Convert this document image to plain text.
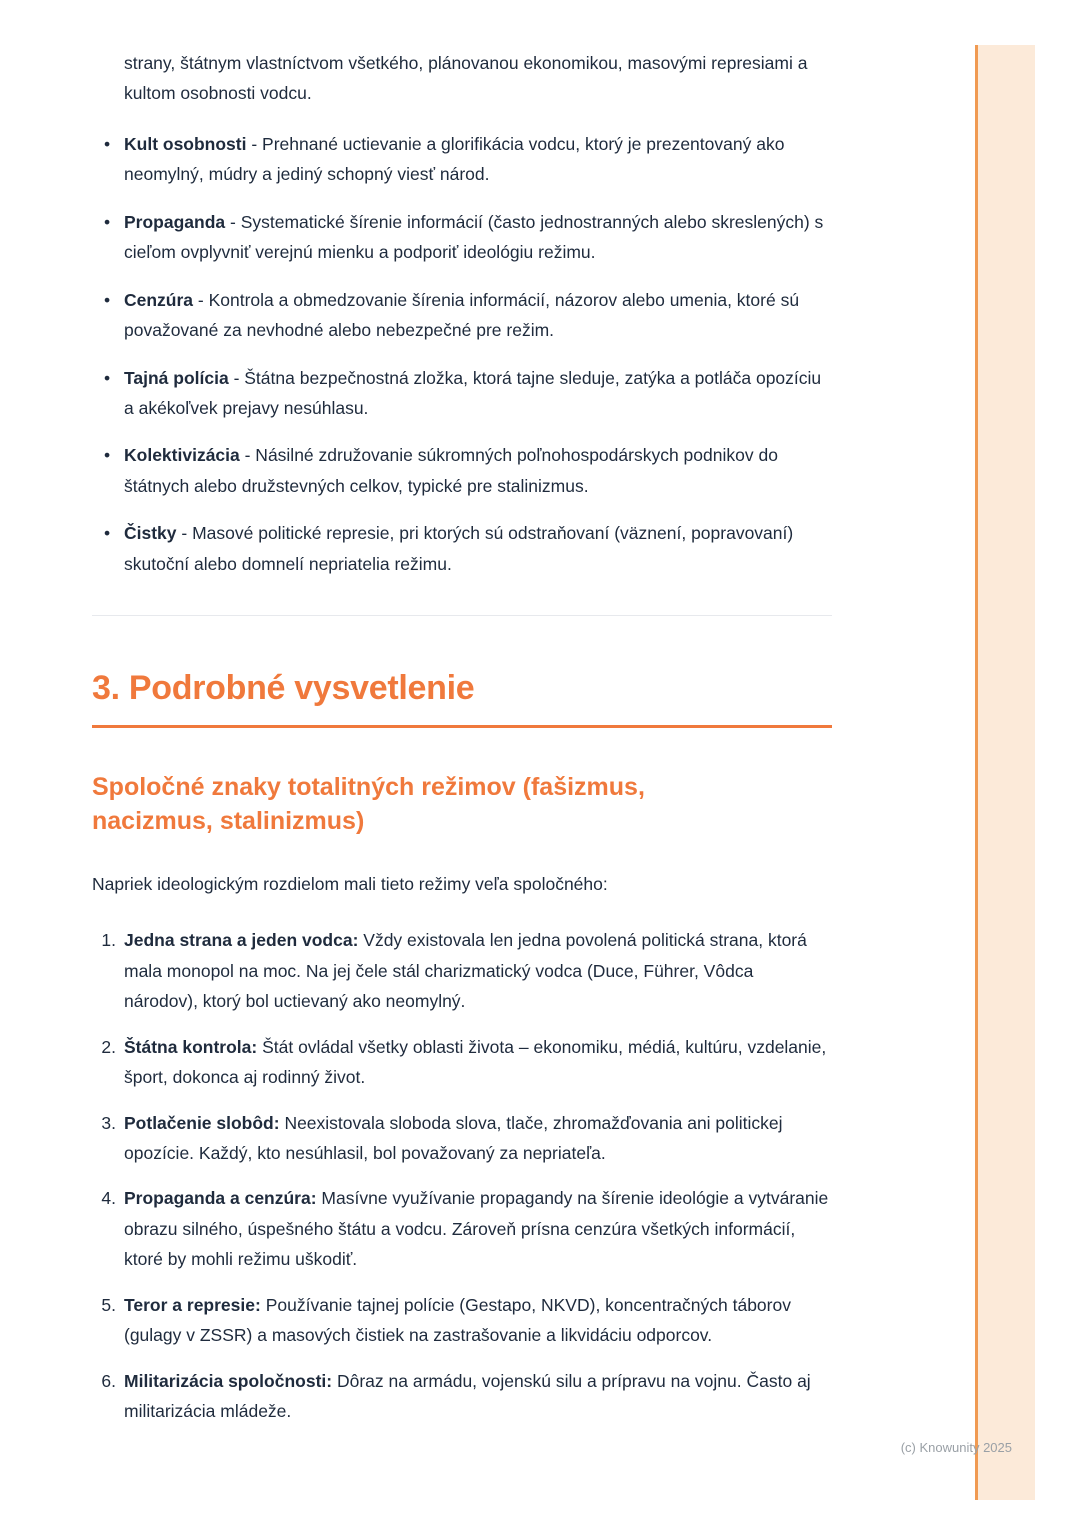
strany, štátnym vlastníctvom všetkého, plánovanou ekonomikou, masovými represiami a kultom osobnosti vodcu.

• Kult osobnosti - Prehnané uctievanie a glorifikácia vodcu, ktorý je prezentovaný ako neomylný, múdry a jediný schopný viesť národ.
• Propaganda - Systematické šírenie informácií (často jednostranných alebo skreslených) s cieľom ovplyvniť verejnú mienku a podporiť ideológiu režimu.
• Cenzúra - Kontrola a obmedzovanie šírenia informácií, názorov alebo umenia, ktoré sú považované za nevhodné alebo nebezpečné pre režim.
• Tajná polícia - Štátna bezpečnostná zložka, ktorá tajne sleduje, zatýka a potláča opozíciu a akékoľvek prejavy nesúhlasu.
• Kolektivizácia - Násilné združovanie súkromných poľnohospodárskych podnikov do štátnych alebo družstevných celkov, typické pre stalinizmus.
• Čistky - Masové politické represie, pri ktorých sú odstraňovaní (väznení, popravovaní) skutoční alebo domnelí nepriatelia režimu.
3. Podrobné vysvetlenie
Spoločné znaky totalitných režimov (fašizmus, nacizmus, stalinizmus)

Napriek ideologickým rozdielom mali tieto režimy veľa spoločného:

1. Jedna strana a jeden vodca: Vždy existovala len jedna povolená politická strana, ktorá mala monopol na moc. Na jej čele stál charizmatický vodca (Duce, Führer, Vôdca národov), ktorý bol uctievaný ako neomylný.
2. Štátna kontrola: Štát ovládal všetky oblasti života – ekonomiku, médiá, kultúru, vzdelanie, šport, dokonca aj rodinný život.
3. Potlačenie slobôd: Neexistovala sloboda slova, tlače, zhromažďovania ani politickej opozície. Každý, kto nesúhlasil, bol považovaný za nepriateľa.
4. Propaganda a cenzúra: Masívne využívanie propagandy na šírenie ideológie a vytváranie obrazu silného, úspešného štátu a vodcu. Zároveň prísna cenzúra všetkých informácií, ktoré by mohli režimu uškodiť.
5. Teror a represie: Používanie tajnej polície (Gestapo, NKVD), koncentračných táborov (gulagy v ZSSR) a masových čistiek na zastrašovanie a likvidáciu odporcov.
6. Militarizácia spoločnosti: Dôraz na armádu, vojenskú silu a prípravu na vojnu. Často aj militarizácia mládeže.
(c) Knowunity 2025
